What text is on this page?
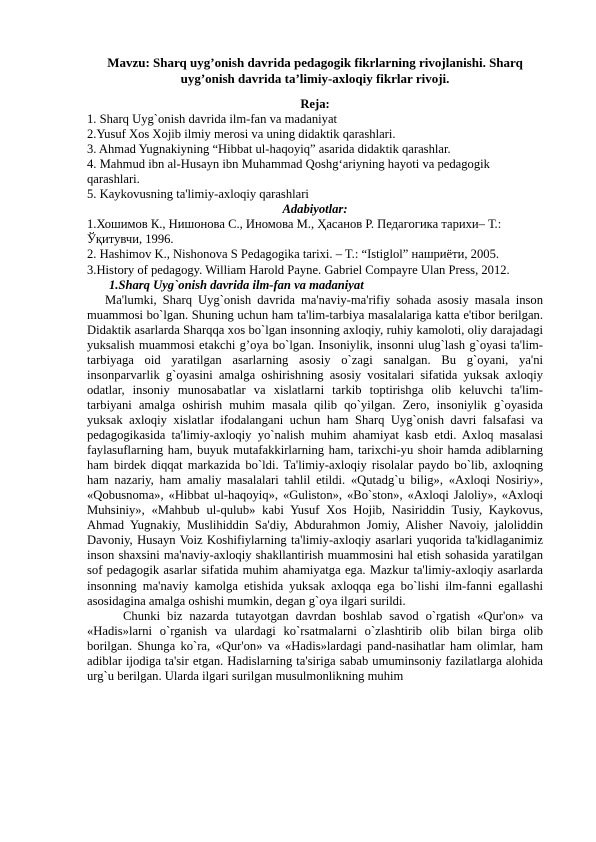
Mavzu: Sharq uyg’onish davrida pedagogik fikrlarning rivojlanishi. Sharq uyg’onish davrida ta’limiy-axloqiy fikrlar rivoji.
Reja:
1. Sharq Uyg`onish davrida ilm-fan va madaniyat
2.Yusuf Xos Xojib ilmiy merosi va uning didaktik qarashlari.
3. Ahmad Yugnakiyning “Hibbat ul-haqoyiq” asarida didaktik qarashlar.
4. Mahmud ibn al-Husayn ibn Muhammad Qoshg‘ariyning hayoti va pedagogik qarashlari.
5. Kaykovusning ta'limiy-axloqiy qarashlari
Adabiyotlar:
1.Хошимов К., Нишонова С., Иномова М., Ҳасанов Р. Педагогика тарихи– Т.: Ўқитувчи, 1996.
2. Hashimov K., Nishonova S Pedagogika tarixi. – T.: “Istiglol” нашриёти, 2005.
3.History of pedagogy. William Harold Payne. Gabriel Compayre Ulan Press, 2012.
1.Sharq Uyg`onish davrida ilm-fan va madaniyat

Ma'lumki, Sharq Uyg`onish davrida ma'naviy-ma'rifiy sohada asosiy masala inson muammosi bo`lgan. Shuning uchun ham ta'lim-tarbiya masalalariga katta e'tibor berilgan. Didaktik asarlarda Sharqqa xos bo`lgan insonning axloqiy, ruhiy kamoloti, oliy darajadagi yuksalish muammosi etakchi g’oya bo`lgan. Insoniylik, insonni ulug`lash g`oyasi ta'lim-tarbiyaga oid yaratilgan asarlarning asosiy o`zagi sanalgan. Bu g`oyani, ya'ni insonparvarlik g`oyasini amalga oshirishning asosiy vositalari sifatida yuksak axloqiy odatlar, insoniy munosabatlar va xislatlarni tarkib toptirishga olib keluvchi ta'lim-tarbiyani amalga oshirish muhim masala qilib qo`yilgan. Zero, insoniylik g`oyasida yuksak axloqiy xislatlar ifodalangani uchun ham Sharq Uyg`onish davri falsafasi va pedagogikasida ta'limiy-axloqiy yo`nalish muhim ahamiyat kasb etdi. Axloq masalasi faylasuflarning ham, buyuk mutafakkirlarning ham, tarixchi-yu shoir hamda adiblarning ham birdek diqqat markazida bo`ldi. Ta'limiy-axloqiy risolalar paydo bo`lib, axloqning ham nazariy, ham amaliy masalalari tahlil etildi. «Qutadg`u bilig», «Axloqi Nosiriy», «Qobusnoma», «Hibbat ul-haqoyiq», «Guliston», «Bo`ston», «Axloqi Jaloliy», «Axloqi Muhsiniy», «Mahbub ul-qulub» kabi Yusuf Xos Hojib, Nasiriddin Tusiy, Kaykovus, Ahmad Yugnakiy, Muslihiddin Sa'diy, Abdurahmon Jomiy, Alisher Navoiy, jaloliddin Davoniy, Husayn Voiz Koshifiylarning ta'limiy-axloqiy asarlari yuqorida ta'kidlaganimiz inson shaxsini ma'naviy-axloqiy shakllantirish muammosini hal etish sohasida yaratilgan sof pedagogik asarlar sifatida muhim ahamiyatga ega. Mazkur ta'limiy-axloqiy asarlarda insonning ma'naviy kamolga etishida yuksak axloqqa ega bo`lishi ilm-fanni egallashi asosidagina amalga oshishi mumkin, degan g`oya ilgari surildi.

Chunki biz nazarda tutayotgan davrdan boshlab savod o`rgatish «Qur'on» va «Hadis»larni o`rganish va ulardagi ko`rsatmalarni o`zlashtirib olib bilan birga olib borilgan. Shunga ko`ra, «Qur'on» va «Hadis»lardagi pand-nasihatlar ham olimlar, ham adiblar ijodiga ta'sir etgan. Hadislarning ta'siriga sabab umuminsoniy fazilatlarga alohida urg`u berilgan. Ularda ilgari surilgan musulmonlikning muhim
